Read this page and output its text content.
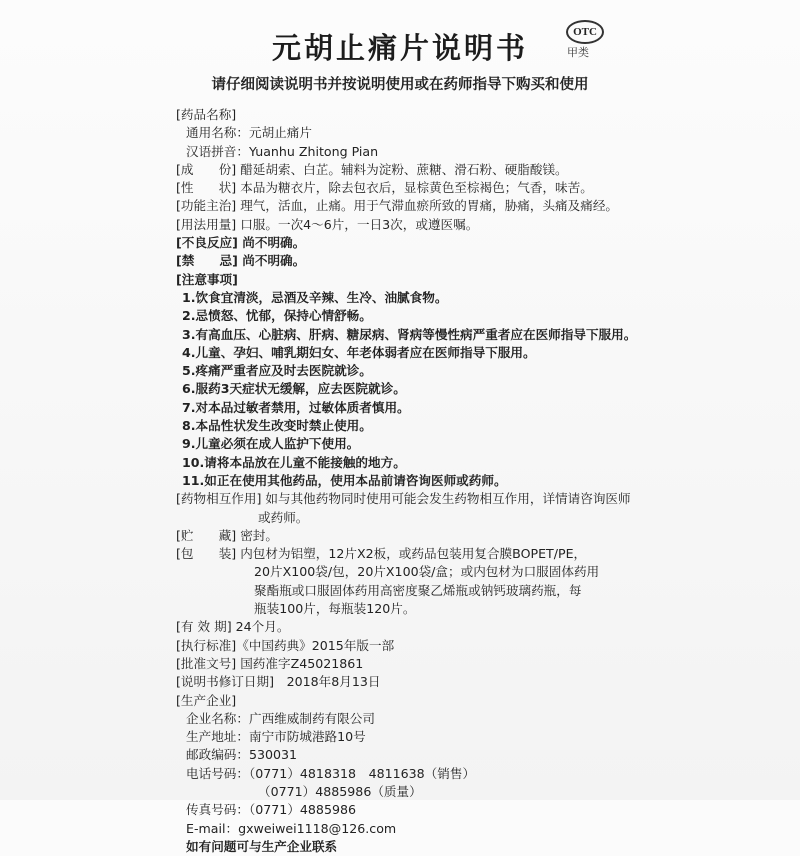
元胡止痛片说明书	OTC
甲类
请仔细阅读说明书并按说明使用或在药师指导下购买和使用
[药品名称]
通用名称：元胡止痛片
汉语拼音：Yuanhu Zhitong Pian
[成　　份] 醋延胡索、白芷。辅料为淀粉、蔗糖、滑石粉、硬脂酸镁。
[性　　状] 本品为糖衣片，除去包衣后，显棕黄色至棕褐色；气香，味苦。
[功能主治] 理气，活血，止痛。用于气滞血瘀所致的胃痛，胁痛，头痛及痛经。
[用法用量] 口服。一次4～6片，一日3次，或遵医嘱。
[不良反应] 尚不明确。
[禁　　忌] 尚不明确。
[注意事项]
1.饮食宜清淡，忌酒及辛辣、生冷、油腻食物。
2.忌愤怒、忧郁，保持心情舒畅。
3.有高血压、心脏病、肝病、糖尿病、肾病等慢性病严重者应在医师指导下服用。
4.儿童、孕妇、哺乳期妇女、年老体弱者应在医师指导下服用。
5.疼痛严重者应及时去医院就诊。
6.服药3天症状无缓解，应去医院就诊。
7.对本品过敏者禁用，过敏体质者慎用。
8.本品性状发生改变时禁止使用。
9.儿童必须在成人监护下使用。
10.请将本品放在儿童不能接触的地方。
11.如正在使用其他药品，使用本品前请咨询医师或药师。
[药物相互作用] 如与其他药物同时使用可能会发生药物相互作用，详情请咨询医师
或药师。
[贮　　藏] 密封。
[包　　装] 内包材为铝塑，12片X2板，或药品包装用复合膜BOPET/PE，
20片X100袋/包，20片X100袋/盒；或内包材为口服固体药用
聚酯瓶或口服固体药用高密度聚乙烯瓶或钠钙玻璃药瓶，每
瓶装100片，每瓶装120片。
[有 效 期] 24个月。
[执行标准]《中国药典》2015年版一部
[批准文号] 国药准字Z45021861
[说明书修订日期]　2018年8月13日
[生产企业]
企业名称：广西维威制药有限公司
生产地址：南宁市防城港路10号
邮政编码：530031
电话号码：（0771）4818318　4811638（销售）
（0771）4885986（质量）
传真号码：（0771）4885986
E-mail：gxweiwei1118@126.com
如有问题可与生产企业联系
